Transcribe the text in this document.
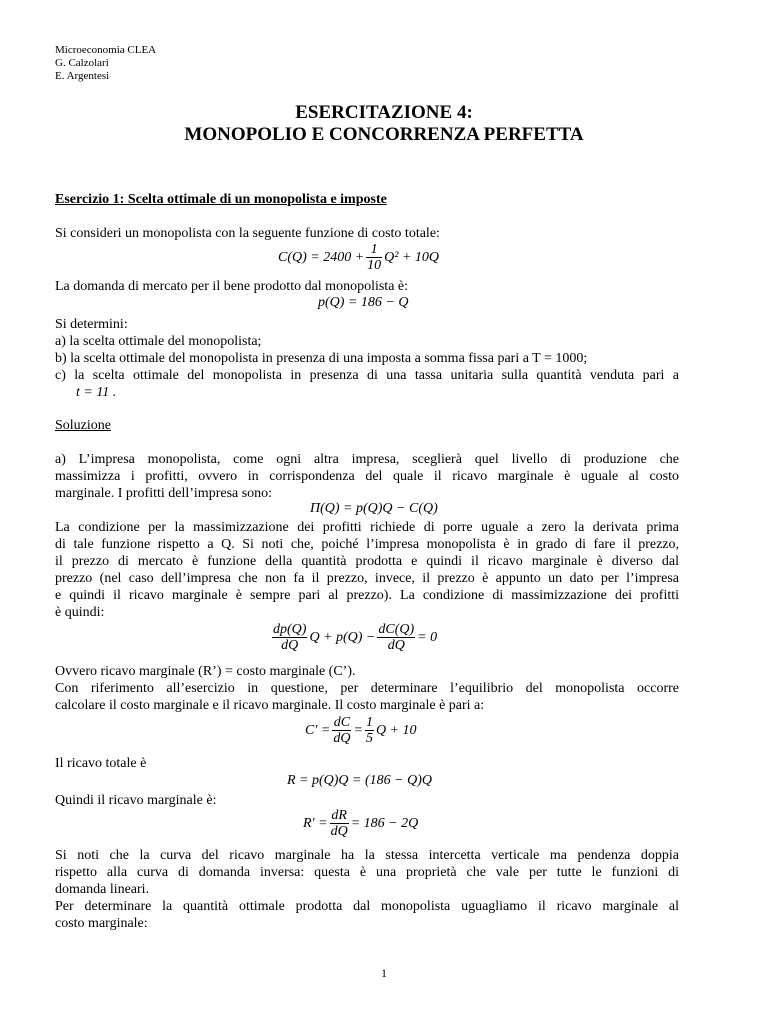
Microeconomia CLEA
G. Calzolari
E. Argentesi
ESERCITAZIONE 4:
MONOPOLIO E CONCORRENZA PERFETTA
Esercizio 1: Scelta ottimale di un monopolista e imposte
Si consideri un monopolista con la seguente funzione di costo totale:
$C(Q) = 2400 + \frac{1}{10} Q^2 + 10Q$
La domanda di mercato per il bene prodotto dal monopolista è:
p(Q) = 186 − Q
Si determini:
a) la scelta ottimale del monopolista;
b) la scelta ottimale del monopolista in presenza di una imposta a somma fissa pari a T = 1000;
c) la scelta ottimale del monopolista in presenza di una tassa unitaria sulla quantità venduta pari a
t = 11 .
Soluzione
a) L’impresa monopolista, come ogni altra impresa, sceglierà quel livello di produzione che
massimizza i profitti, ovvero in corrispondenza del quale il ricavo marginale è uguale al costo
marginale. I profitti dell’impresa sono:
Π(Q) = p(Q)Q − C(Q)
La condizione per la massimizzazione dei profitti richiede di porre uguale a zero la derivata prima
di tale funzione rispetto a Q. Si noti che, poiché l’impresa monopolista è in grado di fare il prezzo,
il prezzo di mercato è funzione della quantità prodotta e quindi il ricavo marginale è diverso dal
prezzo (nel caso dell’impresa che non fa il prezzo, invece, il prezzo è appunto un dato per l’impresa
e quindi il ricavo marginale è sempre pari al prezzo). La condizione di massimizzazione dei profitti
è quindi:
$\frac{dp(Q)}{dQ}$ $Q + p(Q) - \frac{dC(Q)}{dQ} = 0$
Ovvero ricavo marginale (R’) = costo marginale (C’).
Con riferimento all’esercizio in questione, per determinare l’equilibrio del monopolista occorre
calcolare il costo marginale e il ricavo marginale. Il costo marginale è pari a:
$C' = \frac{dC}{dQ} = \frac{1}{5}$ Q + 10
Il ricavo totale è
R = p(Q)Q = (186 − Q)Q
Quindi il ricavo marginale è:
$R' = \frac{dR}{dQ} = 186 - 2Q$
Si noti che la curva del ricavo marginale ha la stessa intercetta verticale ma pendenza doppia
rispetto alla curva di domanda inversa: questa è una proprietà che vale per tutte le funzioni di
domanda lineari.
Per determinare la quantità ottimale prodotta dal monopolista uguagliamo il ricavo marginale al
costo marginale:
1
